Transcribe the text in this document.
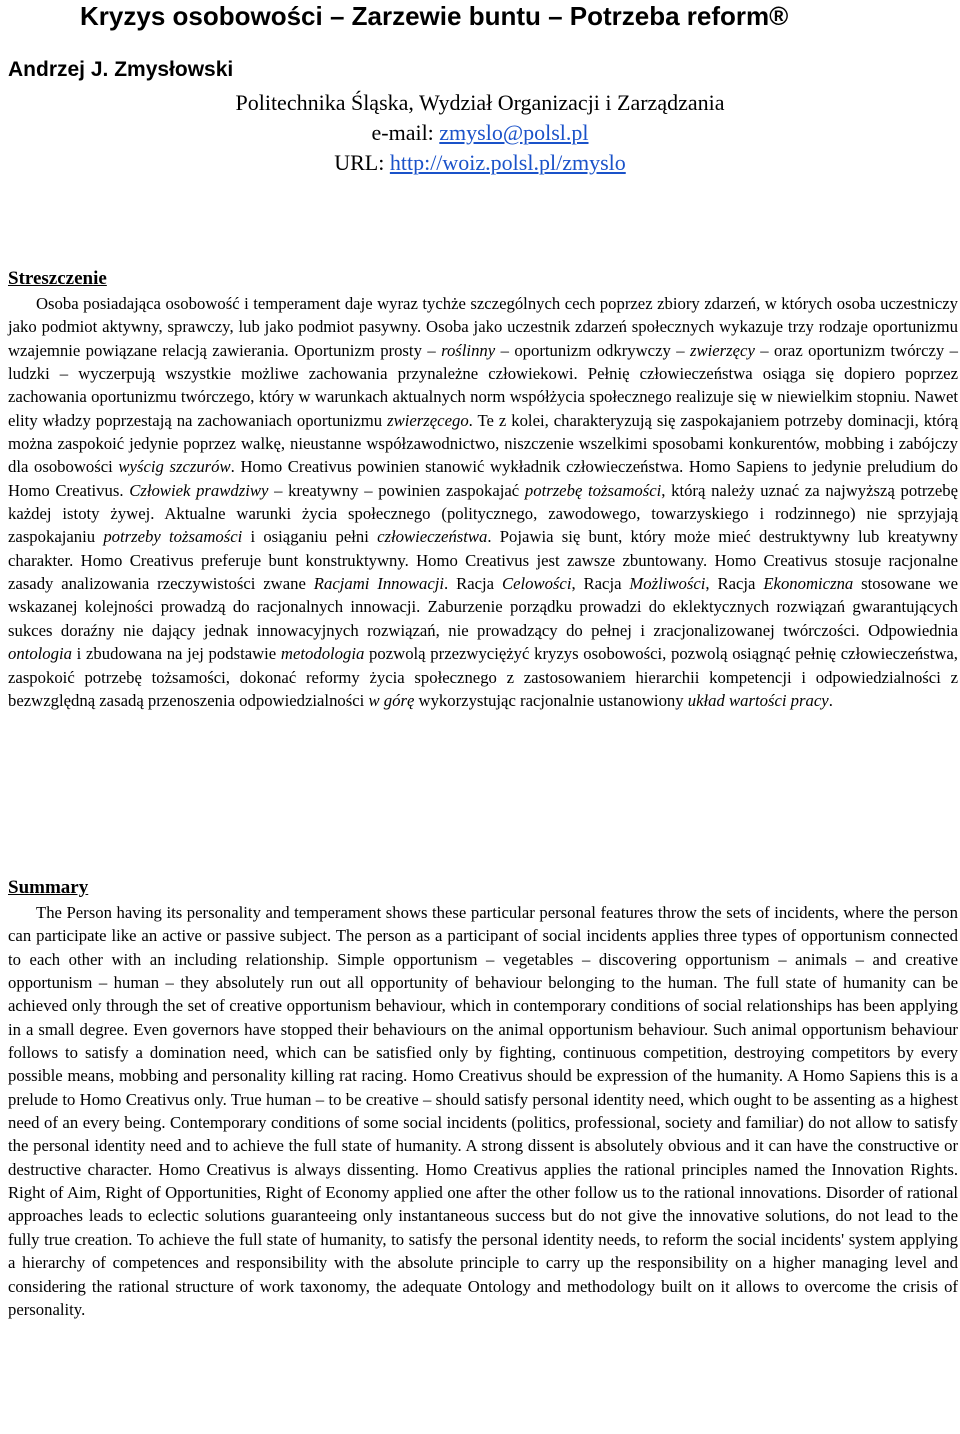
Kryzys osobowości – Zarzewie buntu – Potrzeba reform®
Andrzej J. Zmysłowski
Politechnika Śląska, Wydział Organizacji i Zarządzania
e-mail: zmyslo@polsl.pl
URL: http://woiz.polsl.pl/zmyslo
Streszczenie

Osoba posiadająca osobowość i temperament daje wyraz tychże szczególnych cech poprzez zbiory zdarzeń, w których osoba uczestniczy jako podmiot aktywny, sprawczy, lub jako podmiot pasywny. Osoba jako uczestnik zdarzeń społecznych wykazuje trzy rodzaje oportunizmu wzajemnie powiązane relacją zawierania. Oportunizm prosty – roślinny – oportunizm odkrywczy – zwierzęcy – oraz oportunizm twórczy – ludzki – wyczerpują wszystkie możliwe zachowania przynależne człowiekowi. Pełnię człowieczeństwa osiąga się dopiero poprzez zachowania oportunizmu twórczego, który w warunkach aktualnych norm współżycia społecznego realizuje się w niewielkim stopniu. Nawet elity władzy poprzestają na zachowaniach oportunizmu zwierzęcego. Te z kolei, charakteryzują się zaspokajaniem potrzeby dominacji, którą można zaspokoić jedynie poprzez walkę, nieustanne współzawodnictwo, niszczenie wszelkimi sposobami konkurentów, mobbing i zabójczy dla osobowości wyścig szczurów. Homo Creativus powinien stanowić wykładnik człowieczeństwa. Homo Sapiens to jedynie preludium do Homo Creativus. Człowiek prawdziwy – kreatywny – powinien zaspokajać potrzebę tożsamości, którą należy uznać za najwyższą potrzebę każdej istoty żywej. Aktualne warunki życia społecznego (politycznego, zawodowego, towarzyskiego i rodzinnego) nie sprzyjają zaspokajaniu potrzeby tożsamości i osiąganiu pełni człowieczeństwa. Pojawia się bunt, który może mieć destruktywny lub kreatywny charakter. Homo Creativus preferuje bunt konstruktywny. Homo Creativus jest zawsze zbuntowany. Homo Creativus stosuje racjonalne zasady analizowania rzeczywistości zwane Racjami Innowacji. Racja Celowości, Racja Możliwości, Racja Ekonomiczna stosowane we wskazanej kolejności prowadzą do racjonalnych innowacji. Zaburzenie porządku prowadzi do eklektycznych rozwiązań gwarantujących sukces doraźny nie dający jednak innowacyjnych rozwiązań, nie prowadzący do pełnej i zracjonalizowanej twórczości. Odpowiednia ontologia i zbudowana na jej podstawie metodologia pozwolą przezwyciężyć kryzys osobowości, pozwolą osiągnąć pełnię człowieczeństwa, zaspokoić potrzebę tożsamości, dokonać reformy życia społecznego z zastosowaniem hierarchii kompetencji i odpowiedzialności z bezwzględną zasadą przenoszenia odpowiedzialności w górę wykorzystując racjonalnie ustanowiony układ wartości pracy.

Summary

The Person having its personality and temperament shows these particular personal features throw the sets of incidents, where the person can participate like an active or passive subject. The person as a participant of social incidents applies three types of opportunism connected to each other with an including relationship. Simple opportunism – vegetables – discovering opportunism – animals – and creative opportunism – human – they absolutely run out all opportunity of behaviour belonging to the human. The full state of humanity can be achieved only through the set of creative opportunism behaviour, which in contemporary conditions of social relationships has been applying in a small degree. Even governors have stopped their behaviours on the animal opportunism behaviour. Such animal opportunism behaviour follows to satisfy a domination need, which can be satisfied only by fighting, continuous competition, destroying competitors by every possible means, mobbing and personality killing rat racing. Homo Creativus should be expression of the humanity. A Homo Sapiens this is a prelude to Homo Creativus only. True human – to be creative – should satisfy personal identity need, which ought to be assenting as a highest need of an every being. Contemporary conditions of some social incidents (politics, professional, society and familiar) do not allow to satisfy the personal identity need and to achieve the full state of humanity. A strong dissent is absolutely obvious and it can have the constructive or destructive character. Homo Creativus is always dissenting. Homo Creativus applies the rational principles named the Innovation Rights. Right of Aim, Right of Opportunities, Right of Economy applied one after the other follow us to the rational innovations. Disorder of rational approaches leads to eclectic solutions guaranteeing only instantaneous success but do not give the innovative solutions, do not lead to the fully true creation. To achieve the full state of humanity, to satisfy the personal identity needs, to reform the social incidents' system applying a hierarchy of competences and responsibility with the absolute principle to carry up the responsibility on a higher managing level and considering the rational structure of work taxonomy, the adequate Ontology and methodology built on it allows to overcome the crisis of personality.
